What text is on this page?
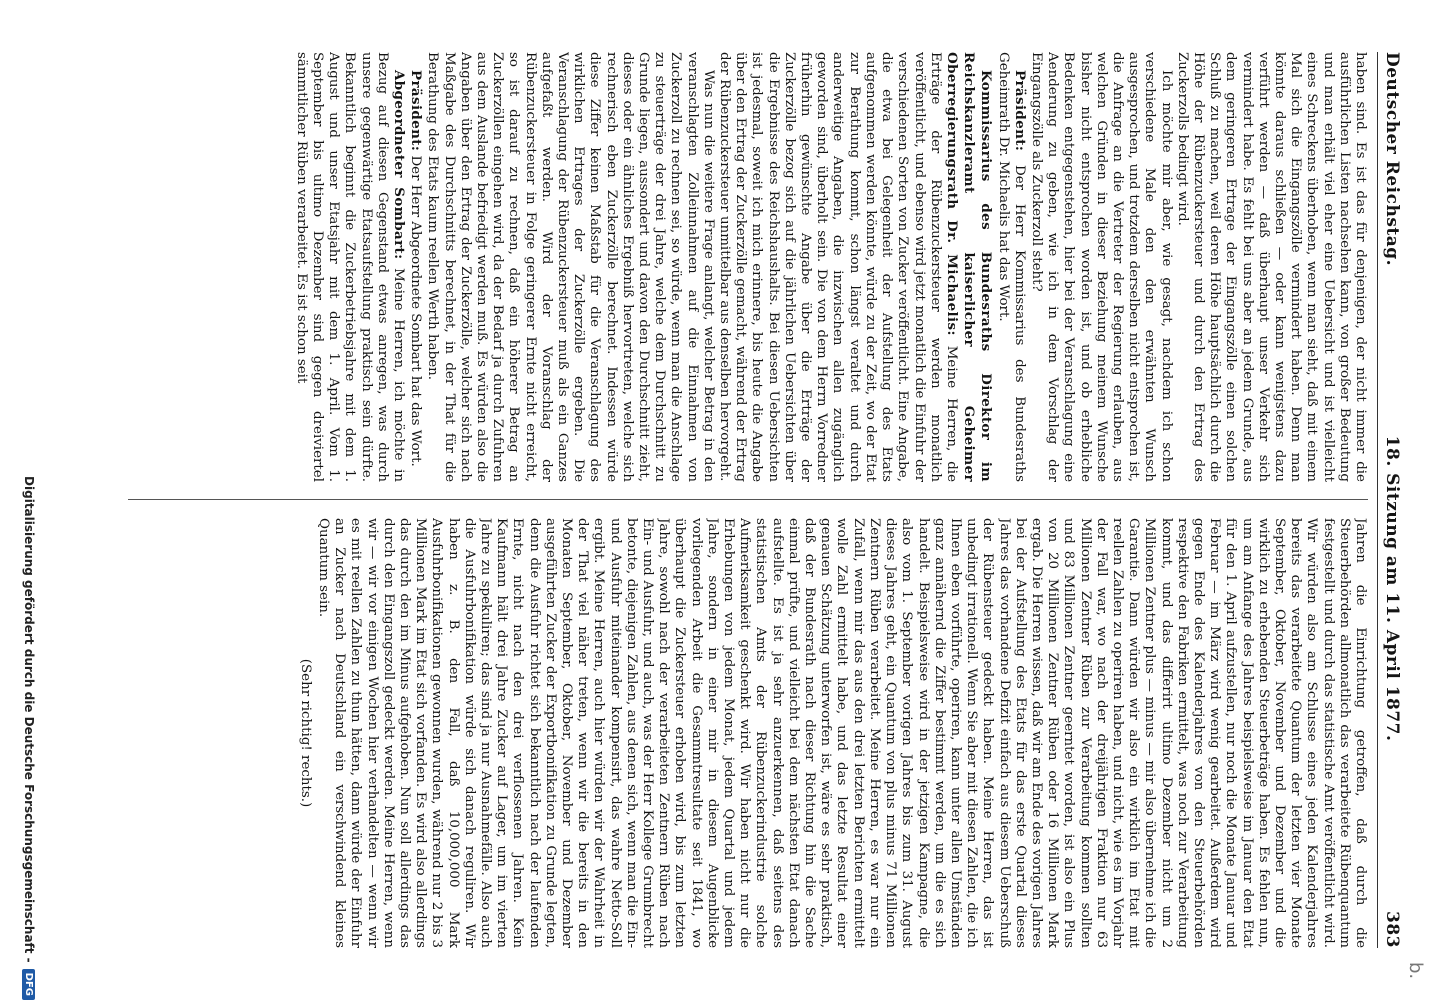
Deutscher Reichstag.
18. Sitzung am 11. April 1877.
383

haben sind. Es ist das für denjenigen, der nicht immer die ausführlichen Listen nachsehen kann, von großer Bedeutung und man erhält viel eher eine Uebersicht und ist vielleicht eines Schreckens überhoben, wenn man sieht, daß mit einem Mal sich die Eingangszölle vermindert haben. Denn man könnte daraus schließen — oder kann wenigstens dazu verführt werden — daß überhaupt unser Verkehr sich vermindert habe. Es fehlt bei uns aber an jedem Grunde, aus dem geringeren Ertrage der Eingangszölle einen solchen Schluß zu machen, weil deren Höhe hauptsächlich durch die Höhe der Rübenzuckersteuer und durch den Ertrag des Zuckerzolls bedingt wird.

Ich möchte mir aber, wie gesagt, nachdem ich schon verschiedene Male den den erwähnten Wunsch ausgesprochen, und trotzdem derselben nicht entsprochen ist, die Anfrage an die Vertreter der Regierung erlauben, aus welchen Gründen in dieser Beziehung meinem Wunsche bisher nicht entsprochen worden ist, und ob erhebliche Bedenken entgegenstehen, hier bei der Veranschlagung eine Aenderung zu geben, wie ich in dem Vorschlag der Eingangszölle als Zuckerzoll steht?

Präsident: Der Herr Kommissarius des Bundesraths Geheimrath Dr. Michaelis hat das Wort.

Kommissarius des Bundesraths Direktor im Reichskanzleramt kaiserlicher Geheimer Oberregierungsrath Dr. Michaelis: Meine Herren, die Erträge der Rübenzuckersteuer werden monatlich veröffentlicht, und ebenso wird jetzt monatlich die Einfuhr der verschiedenen Sorten von Zucker veröffentlicht. Eine Angabe, die etwa bei Gelegenheit der Aufstellung des Etats aufgenommen werden könnte, würde zu der Zeit, wo der Etat zur Berathung kommt, schon längst veraltet und durch anderweitige Angaben, die inzwischen allen zugänglich geworden sind, überholt sein. Die von dem Herrn Vorredner früherhin gewünschte Angabe über die Erträge der Zuckerzölle bezog sich auf die jährlichen Uebersichten über die Ergebnisse des Reichshaushalts. Bei diesen Uebersichten ist jedesmal, soweit ich mich erinnere, bis heute die Angabe über den Ertrag der Zuckerzölle gemacht, während der Ertrag der Rübenzuckersteuer unmittelbar aus denselben hervorgeht.

Was nun die weitere Frage anlangt, welcher Betrag in den veranschlagten Zolleinnahmen auf die Einnahmen von Zuckerzoll zu rechnen sei, so würde, wenn man die Anschlage zu steuerträge der drei Jahre, welche dem Durchschnitt zu Grunde liegen, aussondert und davon den Durchschnitt zieht, dieses oder ein ähnliches Ergebniß hervortreten, welche sich rechnerisch eben Zuckerzölle berechnet. Indessen würde diese Ziffer keinen Maßstab für die Veranschlagung des wirklichen Ertrages der Zuckerzölle ergeben. Die Veranschlagung der Rübenzuckersteuer muß als ein Ganzes aufgefaßt werden. Wird der Voranschlag der Rübenzuckersteuer in Folge geringerer Ernte nicht erreicht, so ist darauf zu rechnen, daß ein höherer Betrag an Zuckerzöllen eingehen wird, da der Bedarf ja durch Zufuhren aus dem Auslande befriedigt werden muß. Es würden also die Angaben über den Ertrag der Zuckerzölle, welcher sich nach Maßgabe des Durchschnitts berechnet, in der That für die Berathung des Etats kaum reellen Werth haben.

Präsident: Der Herr Abgeordnete Sombart hat das Wort.

Abgeordneter Sombart: Meine Herren, ich möchte in Bezug auf diesen Gegenstand etwas anregen, was durch unsere gegenwärtige Etatsaufstellung praktisch sein dürfte. Bekanntlich beginnt die Zuckerbetriebsjahre mit dem 1. August und unser Etatsjahr mit dem 1. April. Vom 1. September bis ultimo Dezember sind gegen dreiviertel sämmtlicher Rüben verarbeitet. Es ist schon seit

Jahren die Einrichtung getroffen, daß durch die Steuerbehörden allmonatlich das verarbeitete Rübenquantum festgestellt und durch das statistische Amt veröffentlicht wird. Wir würden also am Schlusse eines jeden Kalenderjahres bereits das verarbeitete Quantum der letzten vier Monate September, Oktober, November und Dezember und die wirklich zu erhebenden Steuerbeträge haben. Es fehlen nun, um am Anfange des Jahres beispielsweise im Januar den Etat für den 1. April aufzustellen, nur noch die Monate Januar und Februar — im März wird wenig gearbeitet. Außerdem wird gegen Ende des Kalenderjahres von den Steuerbehörden respektive den Fabriken ermittelt, was noch zur Verarbeitung kommt, und das differirt ultimo Dezember nicht um 2 Millionen Zentner plus — minus — mir also übernehme ich die Garantie. Dann würden wir also ein wirklich im Etat mit reellen Zahlen zu operiren haben, und nicht, wie es im Vorjahr der Fall war, wo nach der dreijährigen Fraktion nur 63 Millionen Zentner Rüben zur Verarbeitung kommen sollten und 83 Millionen Zentner geerntet worden, ist also ein Plus von 20 Millionen Zentner Rüben oder 16 Millionen Mark ergab. Die Herren wissen, daß wir am Ende des vorigen Jahres bei der Aufstellung des Etats für das erste Quartal dieses Jahres das vorhandene Defizit einfach aus diesem Ueberschuß der Rübensteuer gedeckt haben. Meine Herren, das ist unbedingt irrationell. Wenn Sie aber mit diesen Zahlen, die ich Ihnen eben vorführte, operiren, kann unter allen Umständen ganz annähernd die Ziffer bestimmt werden, um die es sich handelt. Beispielsweise wird in der jetzigen Kampagne, die also vom 1. September vorigen Jahres bis zum 31. August dieses Jahres geht, ein Quantum von plus minus 71 Millionen Zentnern Rüben verarbeitet. Meine Herren, es war nur ein Zufall, wenn mir das aus den drei letzten Berichten ermittelt wolle Zahl ermittelt habe, und das letzte Resultat einer genauen Schätzung unterworfen ist, wäre es sehr praktisch, daß der Bundesrath nach dieser Richtung hin die Sache einmal prüfte, und vielleicht bei dem nächsten Etat danach aufstellte. Es ist ja sehr anzuerkennen, daß seitens des statistischen Amts der Rübenzuckerindustrie solche Aufmerksamkeit geschenkt wird. Wir haben nicht nur die Erhebungen von jedem Monat, jedem Quartal und jedem Jahre, sondern in einer mir in diesem Augenblicke vorliegenden Arbeit die Gesammtresultate seit 1841, wo überhaupt die Zuckersteuer erhoben wird, bis zum letzten Jahre, sowohl nach der verarbeiteten Zentnern Rüben nach Ein- und Ausfuhr, und auch, was der Herr Kollege Grumbrecht betonte, diejenigen Zahlen, aus denen sich, wenn man die Ein- und Ausfuhr miteinander kompensirt, das wahre Netto-Soll ergibt. Meine Herren, auch hier würden wir der Wahrheit in der That viel näher treten, wenn wir die bereits in den Monaten September, Oktober, November und Dezember ausgeführten Zucker der Exportbonifikation zu Grunde legten, denn die Ausfuhr richtet sich bekanntlich nach der laufenden Ernte, nicht nach den drei verflossenen Jahren. Kein Kaufmann hält drei Jahre Zucker auf Lager, um im vierten Jahre zu spekuliren; das sind ja nur Ausnahmefälle. Also auch die Ausfuhrbonifikation würde sich danach reguliren. Wir haben z. B. den Fall, daß 10,000,000 Mark Ausfuhrbonifikationen gewonnen wurden, während nur 2 bis 3 Millionen Mark im Etat sich vorfanden. Es wird also allerdings das durch den im Minus aufgehoben. Nun soll allerdings das durch den Eingangszoll gedeckt werden. Meine Herren, wenn wir — wir vor einigen Wochen hier verhandelten — wenn wir es mit reellen Zahlen zu thun hätten, dann würde der Einfuhr an Zucker nach Deutschland ein verschwindend kleines Quantum sein.

(Sehr richtig! rechts.)

Digitalisierung gefördert durch die Deutsche Forschungsgemeinschaft -
DFG
b.
